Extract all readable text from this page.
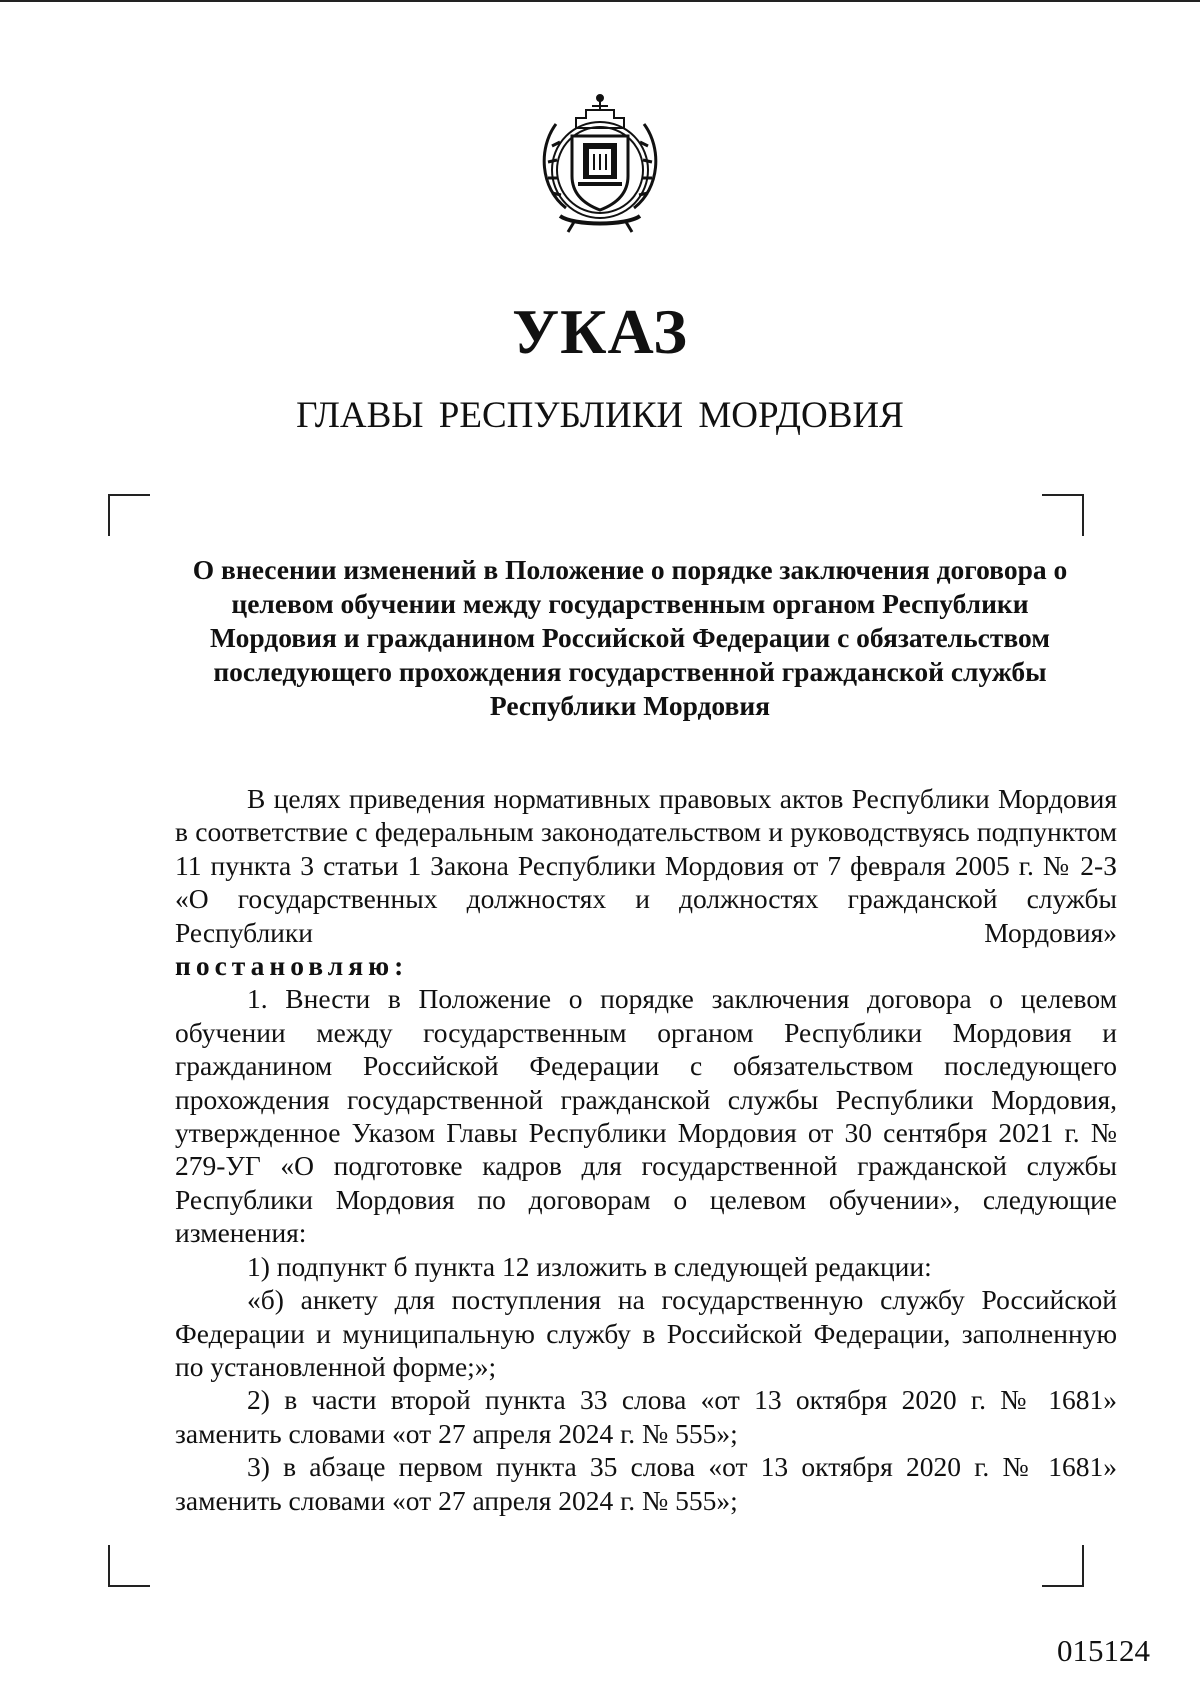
УКАЗ
ГЛАВЫ РЕСПУБЛИКИ МОРДОВИЯ
О внесении изменений в Положение о порядке заключения договора о целевом обучении между государственным органом Республики Мордовия и гражданином Российской Федерации с обязательством последующего прохождения государственной гражданской службы Республики Мордовия

В целях приведения нормативных правовых актов Республики Мордовия в соответствие с федеральным законодательством и руководствуясь подпунктом 11 пункта 3 статьи 1 Закона Республики Мордовия от 7 февраля 2005 г. № 2-З «О государственных должностях и должностях гражданской службы Республики Мордовия»

постановляю:

1. Внести в Положение о порядке заключения договора о целевом обучении между государственным органом Республики Мордовия и гражданином Российской Федерации с обязательством последующего прохождения государственной гражданской службы Республики Мордовия, утвержденное Указом Главы Республики Мордовия от 30 сентября 2021 г. № 279-УГ «О подготовке кадров для государственной гражданской службы Республики Мордовия по договорам о целевом обучении», следующие изменения:

1) подпункт б пункта 12 изложить в следующей редакции:

«б) анкету для поступления на государственную службу Российской Федерации и муниципальную службу в Российской Федерации, заполненную по установленной форме;»;

2) в части второй пункта 33 слова «от 13 октября 2020 г. № 1681» заменить словами «от 27 апреля 2024 г. № 555»;

3) в абзаце первом пункта 35 слова «от 13 октября 2020 г. № 1681» заменить словами «от 27 апреля 2024 г. № 555»;

015124
